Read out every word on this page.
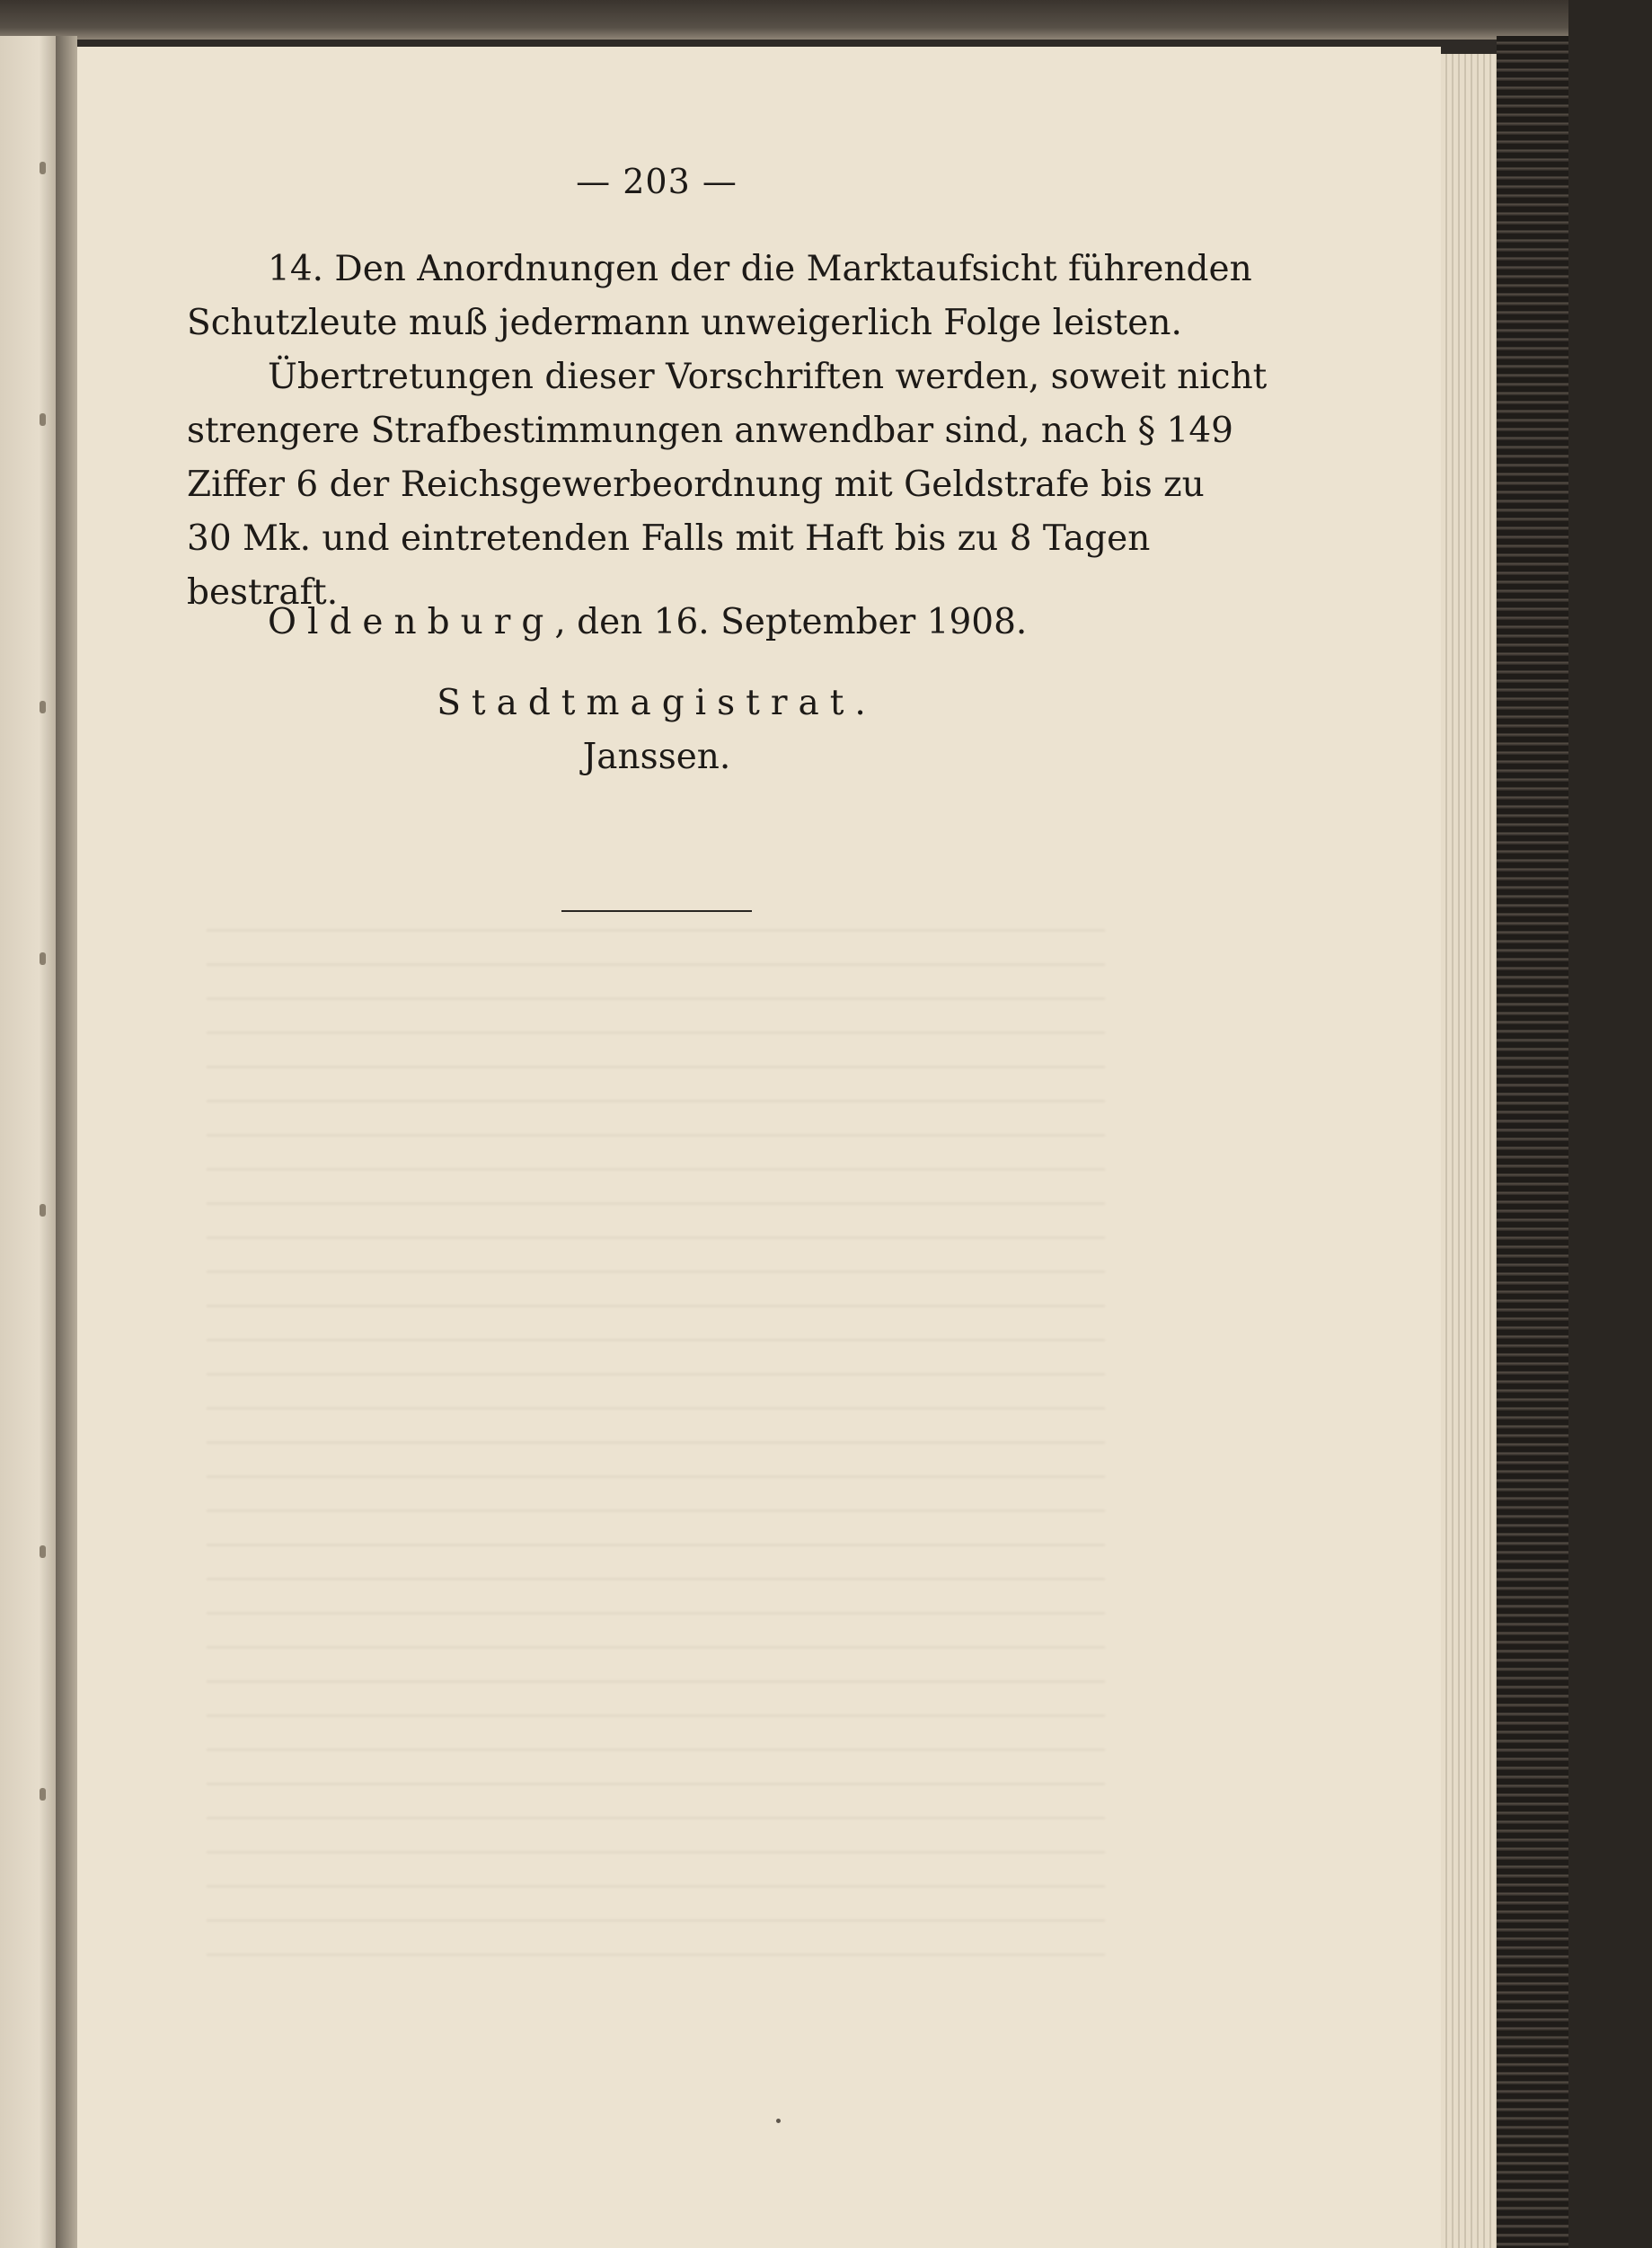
— 203 —
14. Den Anordnungen der die Marktaufsicht führenden
Schutzleute muß jedermann unweigerlich Folge leisten.
Übertretungen dieser Vorschriften werden, soweit nicht
strengere Strafbestimmungen anwendbar sind, nach § 149
Ziffer 6 der Reichsgewerbeordnung mit Geldstrafe bis zu
30 Mk. und eintretenden Falls mit Haft bis zu 8 Tagen
bestraft.
Oldenburg, den 16. September 1908.
Stadtmagistrat.
Janssen.
